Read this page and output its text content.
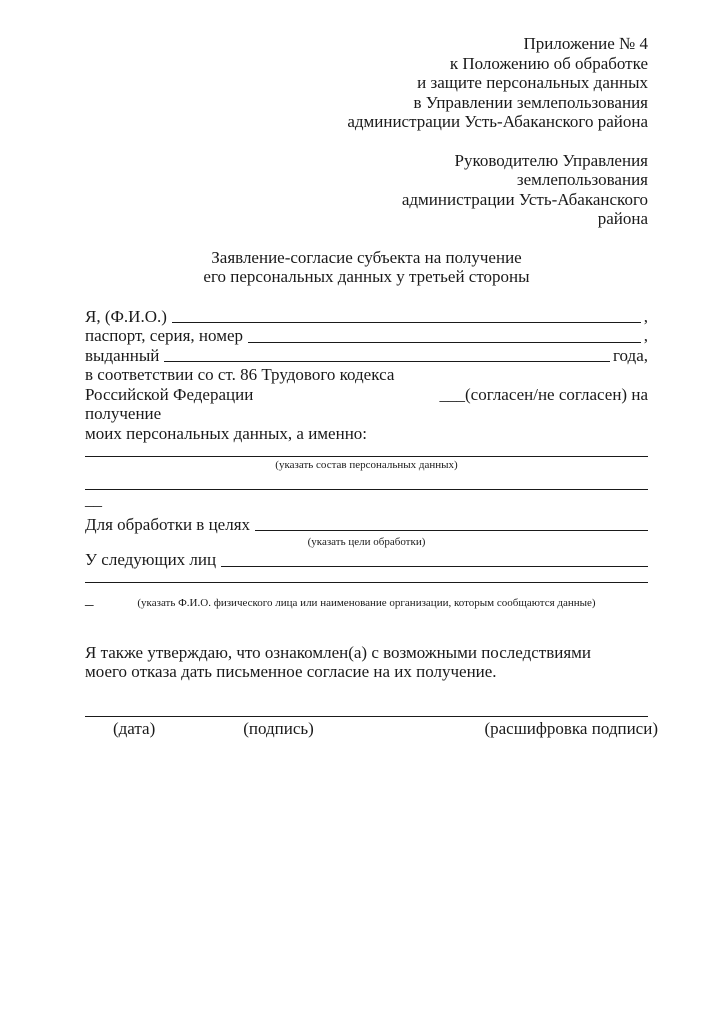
Приложение № 4
к Положению об обработке
и защите персональных данных
в Управлении землепользования
администрации Усть-Абаканского района
Руководителю Управления
землепользования
администрации Усть-Абаканского
района
Заявление-согласие субъекта на получение
его персональных данных у третьей стороны
Я, (Ф.И.О.)	,
паспорт, серия, номер	,
выданный	года,
в соответствии со ст. 86 Трудового кодекса
Российской Федерации	___(согласен/не согласен) на
получение
моих персональных данных, а именно:
(указать состав персональных данных)
__
Для обработки в целях
(указать цели обработки)
У следующих лиц
_	(указать Ф.И.О. физического лица или наименование организации, которым сообщаются данные)
Я также утверждаю, что ознакомлен(а) с возможными последствиями моего отказа дать письменное согласие на их получение.
(дата)	(подпись)	(расшифровка подписи)
